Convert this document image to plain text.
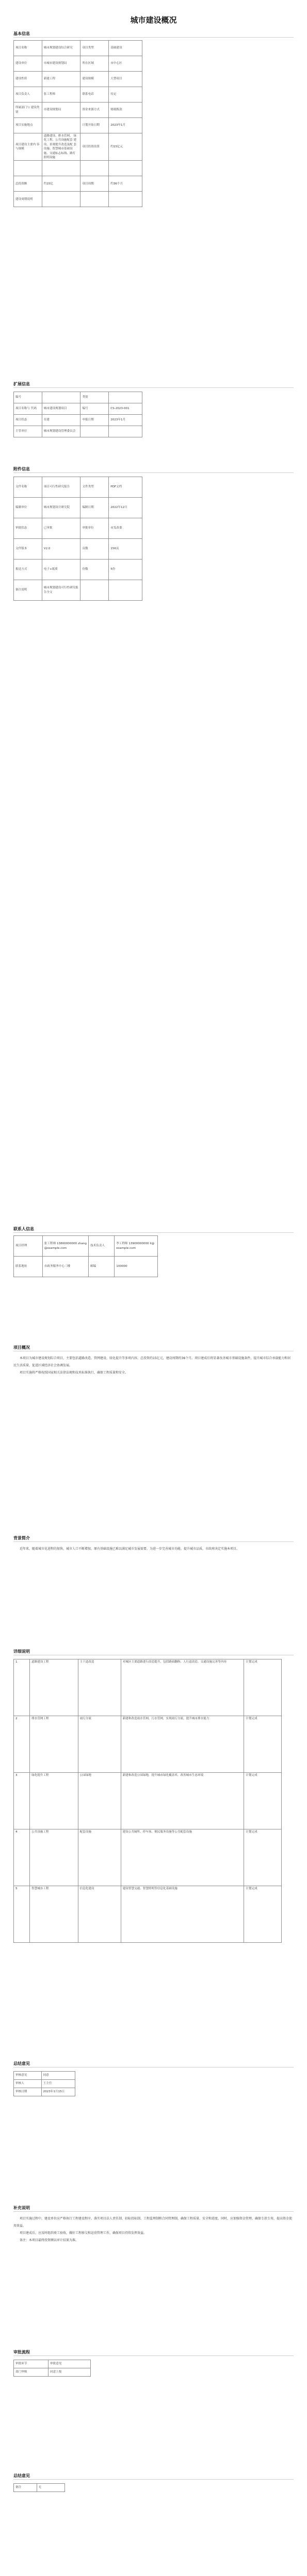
城市建设概况
基本信息
项目名称	城市规划建设综合研究	项目类型	基础建设
建设单位	市城市建设规划局	所在区域	市中心区
建设性质	新建工程	建设规模	大型项目
项目负责人	张工程师	联系电话	待定
所属部门与 建设类别	市建设规划局	资金来源方式	财政拨款
项目实施地点		计划开始日期	2023年1月
项目建设主要内 容与规模	道路建设、排水管网、 绿化工程、公共设施配套 建设、景观提升改造及配 套设施、智慧城市基础设 施、交通标志标线、路灯 照明设施	项目投资估算	约15亿元

总投资额	约15亿	项目周期	约36个月
建设周期说明			
扩展信息
编号		类别	
项目名称与 代码	城市建设规划项目	编号	CS-2023-001
项目状态	在建	申报日期	2023年1月
主管单位	城市规划建设管理委员会		
附件信息
文件名称	项目可行性研究报告	文件类型	PDF文档
编制单位	城市规划设计研究院	编制日期	2022年12月
审批状态	已审批	审批单位	市发改委
文件版本	V2.0	页数	156页
报送方式	电子+纸质	份数	5份
备注说明	城市规划建设可行性研究报告全文		
联系人信息
项目经理	张工程师 13800000000 zhang@example.com	技术负责人	李工程师 13900000000 li@example.com
联系地址	市政务服务中心三楼	邮编	100000
项目概况

本项目为城市建设规划综合项目，主要包括道路改造、管网建设、绿化提升等多项内容，总投资约15亿元，建设周期约36个月。项目建成后将显著改善城市基础设施条件，提升城市综合承载能力和居民生活质量，促进区域经济社会协调发展。

项目实施将严格按照国家相关法律法规和技术标准执行，确保工程质量和安全。

背景简介

近年来，随着城市化进程的加快，城市人口不断增加，原有基础设施已难以满足城市发展需要。为进一步完善城市功能，提升城市品质，市政府决定实施本项目。

详细说明
1	道路建设工程	主干道改造	对城区主要道路进行改造提升，包括路面翻修、人行道改造、交通设施完善等内容	计划完成
2	排水管网工程	雨污分流	新建和改造雨水管网、污水管网，实现雨污分流，提升城市排水能力	计划完成
3	绿化提升工程	公园绿地	新建和改造公园绿地，提升城市绿化覆盖率，改善城市生态环境	计划完成
4	公共设施工程	配套设施	建设公共厕所、停车场、便民服务设施等公共配套设施	计划完成
5	智慧城市工程	信息化建设	建设智慧交通、智慧照明等信息化基础设施	计划完成
总结意见
审核意见	同意
审核人	王主任
审核日期	2023年1月15日
补充说明

项目实施过程中，建设单位应严格执行工程建设程序，落实项目法人责任制、招标投标制、工程监理制和合同管理制，确保工程质量、安全和进度。同时，应加强资金管理，确保专款专用，提高资金使用效益。

项目建成后，应及时组织竣工验收，做好工程移交和运营管理工作，确保项目持续发挥效益。

备注：本项目最终投资额以审计结果为准。

审批流程
审批环节	审批意见
部门审核	同意上报
总结意见
备注	无
